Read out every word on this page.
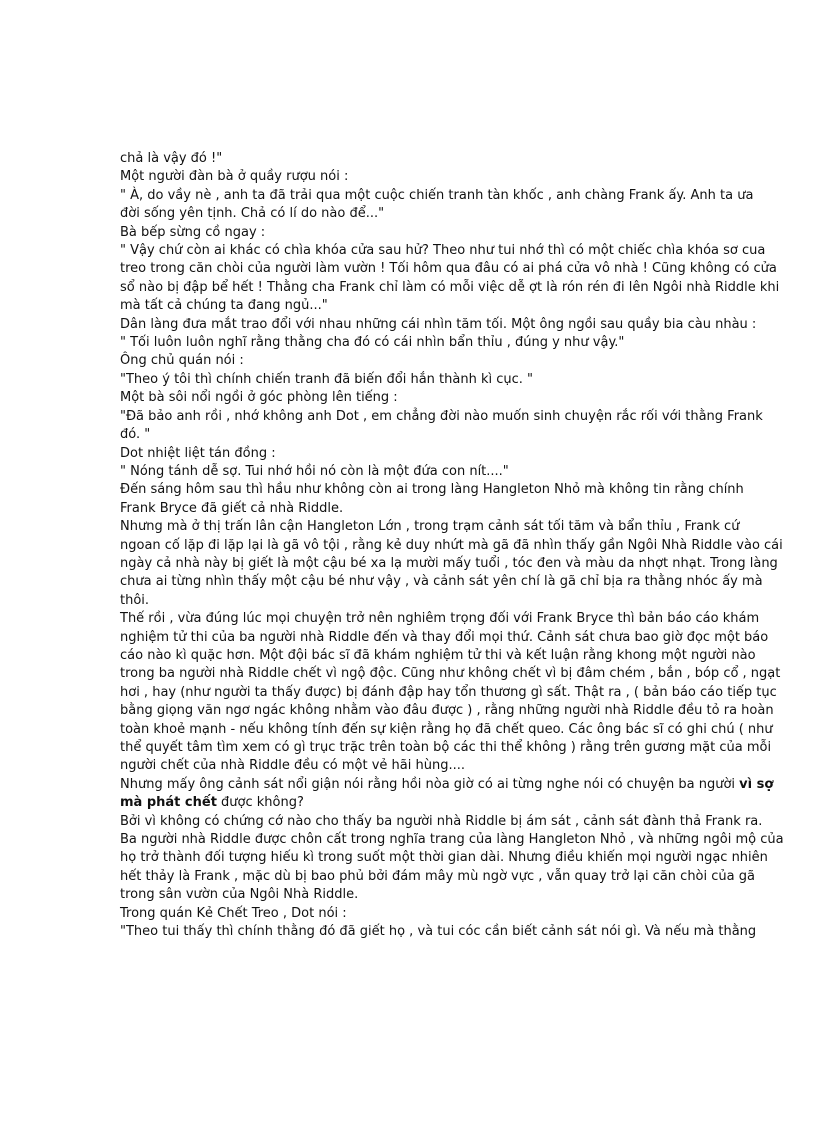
chả là vậy đó !"
Một người đàn bà ở quầy rượu nói :
" À, do vầy nè , anh ta đã trải qua một cuộc chiến tranh tàn khốc , anh chàng Frank ấy. Anh ta ưa
đời sống yên tịnh. Chả có lí do nào để..."
Bà bếp sừng cồ ngay :
" Vậy chứ còn ai khác có chìa khóa cửa sau hử? Theo như tui nhớ thì có một chiếc chìa khóa sơ cua
treo trong căn chòi của người làm vườn ! Tối hôm qua đâu có ai phá cửa vô nhà ! Cũng không có cửa
sổ nào bị đập bể hết ! Thằng cha Frank chỉ làm có mỗi việc dễ ợt là rón rén đi lên Ngôi nhà Riddle khi
mà tất cả chúng ta đang ngủ..."
Dân làng đưa mắt trao đổi với nhau những cái nhìn tăm tối. Một ông ngồi sau quầy bia càu nhàu :
" Tối luôn luôn nghĩ rằng thằng cha đó có cái nhìn bẩn thỉu , đúng y như vậy."
Ông chủ quán nói :
"Theo ý tôi thì chính chiến tranh đã biến đổi hắn thành kì cục. "
Một bà sôi nổi ngồi ở góc phòng lên tiếng :
"Đã bảo anh rồi , nhớ không anh Dot , em chẳng đời nào muốn sinh chuyện rắc rối với thằng Frank
đó. "
Dot nhiệt liệt tán đồng :
" Nóng tánh dễ sợ. Tui nhớ hồi nó còn là một đứa con nít...."
Đến sáng hôm sau thì hầu như không còn ai trong làng Hangleton Nhỏ mà không tin rằng chính
Frank Bryce đã giết cả nhà Riddle.
Nhưng mà ở thị trấn lân cận Hangleton Lớn , trong trạm cảnh sát tối tăm và bẩn thỉu , Frank cứ
ngoan cố lặp đi lặp lại là gã vô tội , rằng kẻ duy nhứt mà gã đã nhìn thấy gần Ngôi Nhà Riddle vào cái
ngày cả nhà này bị giết là một cậu bé xa lạ mười mấy tuổi , tóc đen và màu da nhợt nhạt. Trong làng
chưa ai từng nhìn thấy một cậu bé như vậy , và cảnh sát yên chí là gã chỉ bịa ra thằng nhóc ấy mà
thôi.
Thế rồi , vừa đúng lúc mọi chuyện trở nên nghiêm trọng đối với Frank Bryce thì bản báo cáo khám
nghiệm tử thi của ba người nhà Riddle đến và thay đổi mọi thứ. Cảnh sát chưa bao giờ đọc một báo
cáo nào kì quặc hơn. Một đội bác sĩ đã khám nghiệm tử thi và kết luận rằng khong một người nào
trong ba người nhà Riddle chết vì ngộ độc. Cũng như không chết vì bị đâm chém , bắn , bóp cổ , ngạt
hơi , hay (như người ta thấy được) bị đánh đập hay tổn thương gì sất. Thật ra , ( bản báo cáo tiếp tục
bằng giọng văn ngơ ngác không nhằm vào đâu được ) , rằng những người nhà Riddle đều tỏ ra hoàn
toàn khoẻ mạnh - nếu không tính đến sự kiện rằng họ đã chết queo. Các ông bác sĩ có ghi chú ( như
thể quyết tâm tìm xem có gì trục trặc trên toàn bộ các thi thể không ) rằng trên gương mặt của mỗi
người chết của nhà Riddle đều có một vẻ hãi hùng....
Nhưng mấy ông cảnh sát nổi giận nói rằng hồi nòa giờ có ai từng nghe nói có chuyện ba người vì sợ
mà phát chết được không?
Bởi vì không có chứng cớ nào cho thấy ba người nhà Riddle bị ám sát , cảnh sát đành thả Frank ra.
Ba người nhà Riddle được chôn cất trong nghĩa trang của làng Hangleton Nhỏ , và những ngôi mộ của
họ trở thành đối tượng hiếu kì trong suốt một thời gian dài. Nhưng điều khiến mọi người ngạc nhiên
hết thảy là Frank , mặc dù bị bao phủ bởi đám mây mù ngờ vực , vẫn quay trở lại căn chòi của gã
trong sân vườn của Ngôi Nhà Riddle.
Trong quán Kẻ Chết Treo , Dot nói :
"Theo tui thấy thì chính thằng đó đã giết họ , và tui cóc cần biết cảnh sát nói gì. Và nếu mà thằng
